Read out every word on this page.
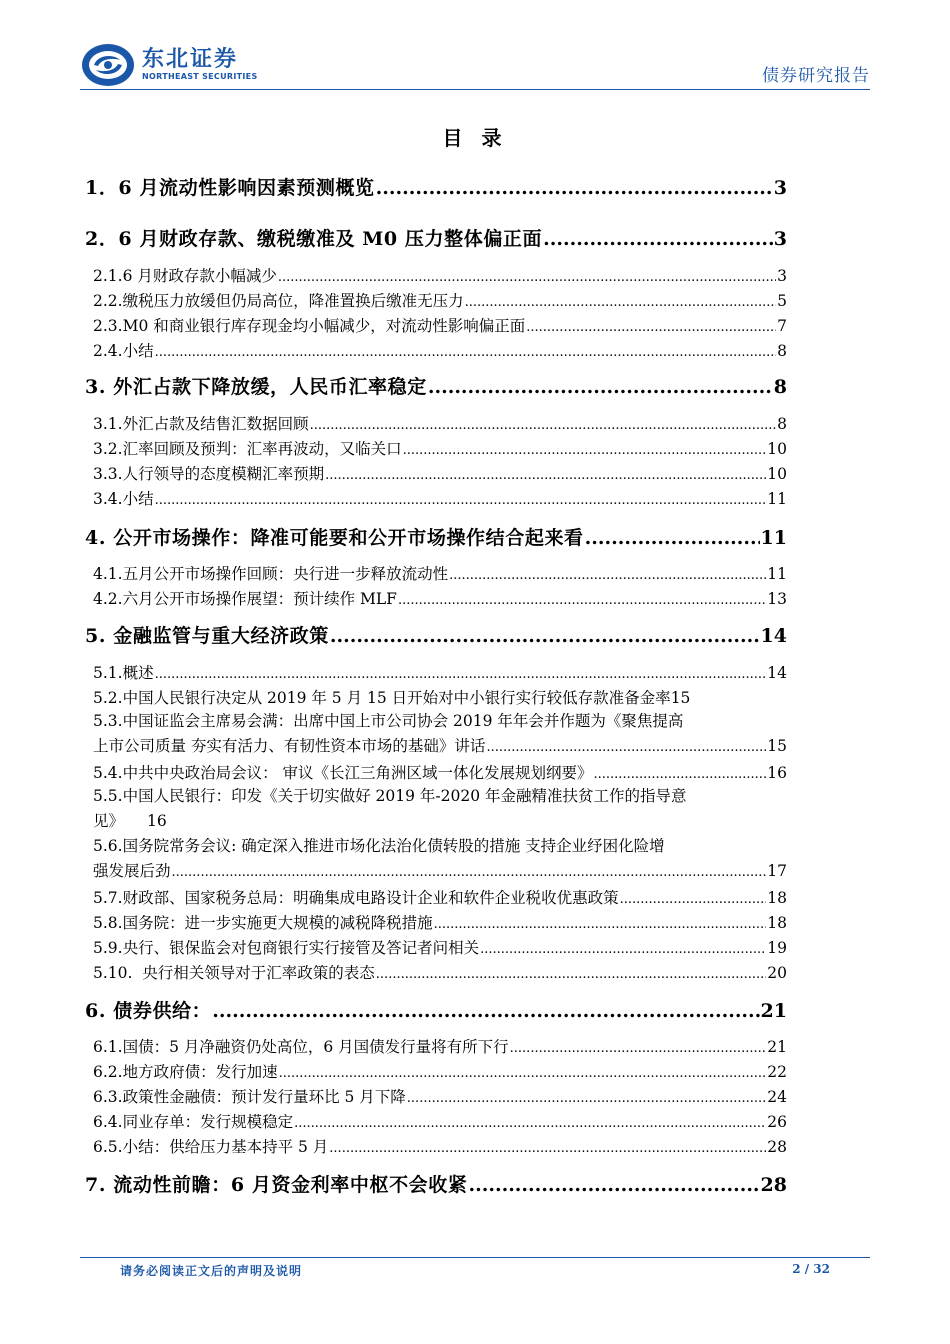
东北证券
NORTHEAST SECURITIES	债券研究报告
目 录
1．6 月流动性影响因素预测概览 .....	3
2．6 月财政存款、缴税缴准及 M0 压力整体偏正面 .....	3
2.1.6 月财政存款小幅减少 .....	3
2.2.缴税压力放缓但仍局高位，降准置换后缴准无压力 .....	5
2.3.M0 和商业银行库存现金均小幅减少，对流动性影响偏正面 .....	7
2.4.小结 .....	8
3. 外汇占款下降放缓，人民币汇率稳定 .....	8
3.1.外汇占款及结售汇数据回顾 .....	8
3.2.汇率回顾及预判：汇率再波动，又临关口 .....	10
3.3.人行领导的态度模糊汇率预期 .....	10
3.4.小结 .....	11
4. 公开市场操作：降准可能要和公开市场操作结合起来看 .....	11
4.1.五月公开市场操作回顾：央行进一步释放流动性 .....	11
4.2.六月公开市场操作展望：预计续作 MLF .....	13
5. 金融监管与重大经济政策 .....	14
5.1.概述 .....	14
5.2.中国人民银行决定从 2019 年 5 月 15 日开始对中小银行实行较低存款准备金率 15
5.3.中国证监会主席易会满：出席中国上市公司协会 2019 年年会并作题为《聚焦提高
上市公司质量 夯实有活力、有韧性资本市场的基础》讲话 .....	15
5.4.中共中央政治局会议： 审议《长江三角洲区域一体化发展规划纲要》 .....	16
5.5.中国人民银行：印发《关于切实做好 2019 年-2020 年金融精准扶贫工作的指导意
见》 16
5.6.国务院常务会议: 确定深入推进市场化法治化债转股的措施 支持企业纾困化险增
强发展后劲 .....	17
5.7.财政部、国家税务总局：明确集成电路设计企业和软件企业税收优惠政策 .....	18
5.8.国务院：进一步实施更大规模的减税降税措施 .....	18
5.9.央行、银保监会对包商银行实行接管及答记者问相关 .....	19
5.10.  央行相关领导对于汇率政策的表态 .....	20
6. 债券供给： .....	21
6.1.国债：5 月净融资仍处高位，6 月国债发行量将有所下行 .....	21
6.2.地方政府债：发行加速 .....	22
6.3.政策性金融债：预计发行量环比 5 月下降 .....	24
6.4.同业存单：发行规模稳定 .....	26
6.5.小结：供给压力基本持平 5 月 .....	28
7. 流动性前瞻：6 月资金利率中枢不会收紧 .....	28
请务必阅读正文后的声明及说明	2 / 32
